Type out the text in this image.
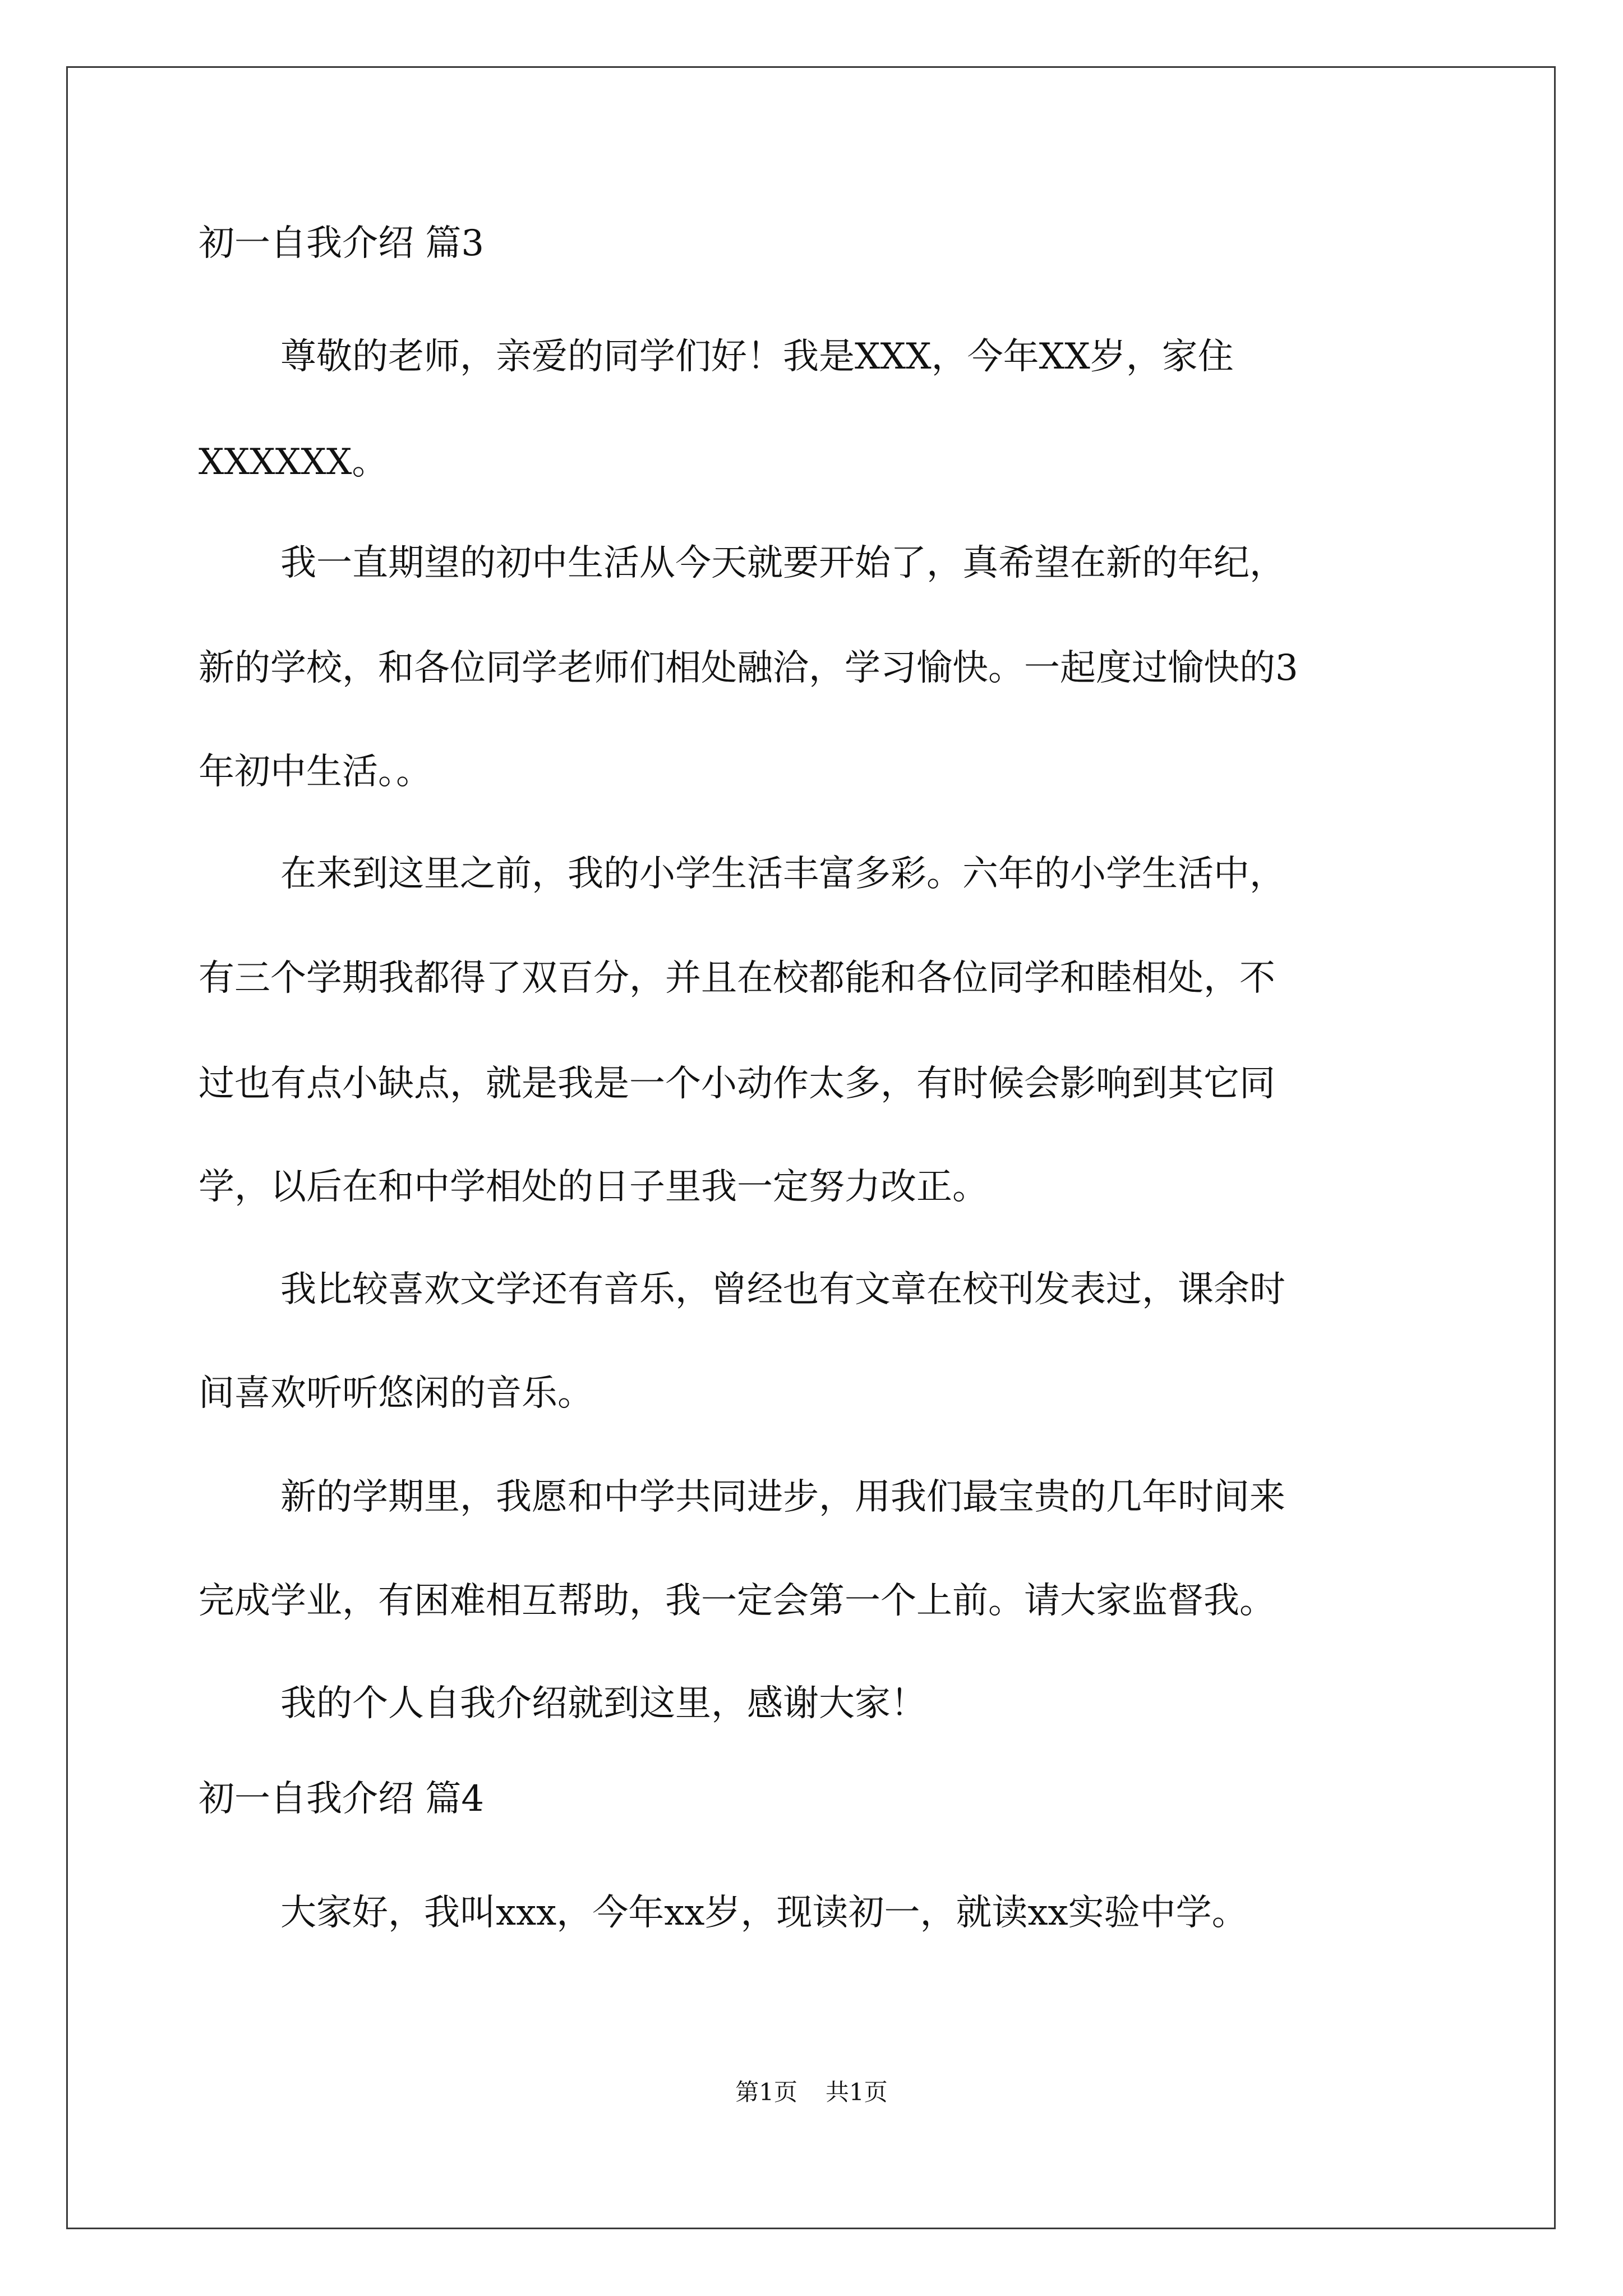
初一自我介绍 篇3

尊敬的老师，亲爱的同学们好！我是XXX，今年XX岁，家住

XXXXXX。

我一直期望的初中生活从今天就要开始了，真希望在新的年纪，

新的学校，和各位同学老师们相处融洽，学习愉快。一起度过愉快的3

年初中生活。。

在来到这里之前，我的小学生活丰富多彩。六年的小学生活中，

有三个学期我都得了双百分，并且在校都能和各位同学和睦相处，不

过也有点小缺点，就是我是一个小动作太多，有时候会影响到其它同

学，以后在和中学相处的日子里我一定努力改正。

我比较喜欢文学还有音乐，曾经也有文章在校刊发表过，课余时

间喜欢听听悠闲的音乐。

新的学期里，我愿和中学共同进步，用我们最宝贵的几年时间来

完成学业，有困难相互帮助，我一定会第一个上前。请大家监督我。

我的个人自我介绍就到这里，感谢大家！

初一自我介绍 篇4

大家好，我叫xxx，今年xx岁，现读初一，就读xx实验中学。

第1页 共1页
